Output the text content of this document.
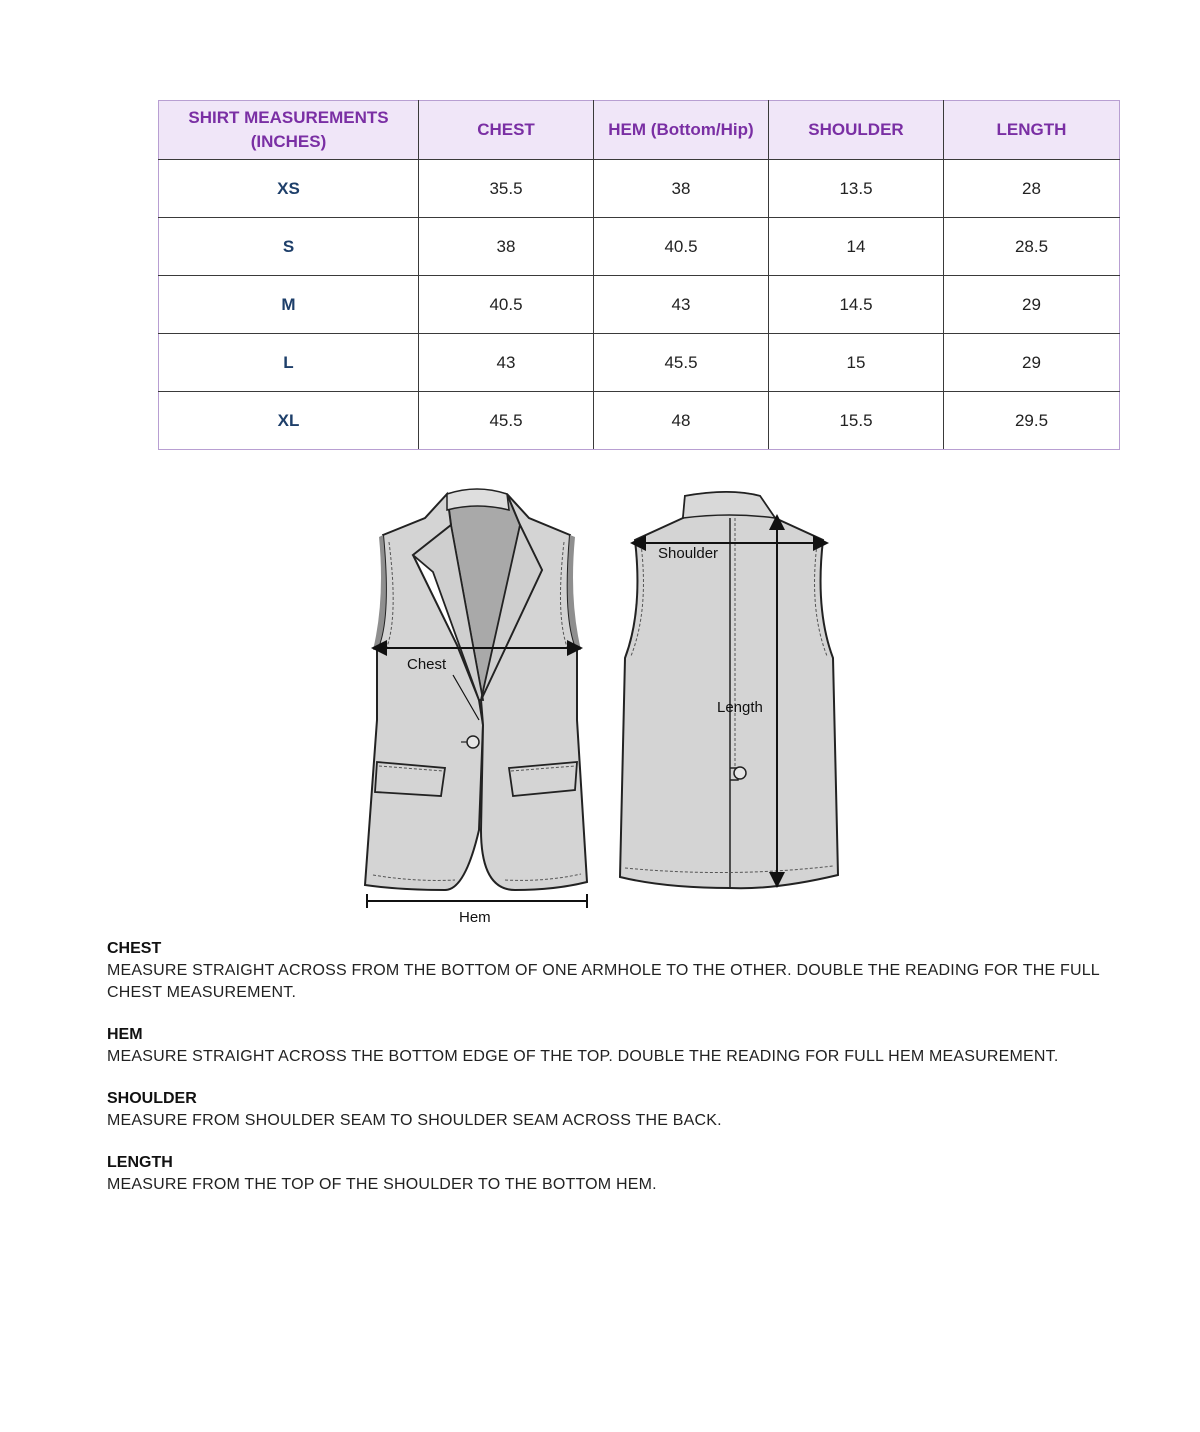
SHIRT MEASUREMENTS
(INCHES)	CHEST	HEM (Bottom/Hip)	SHOULDER	LENGTH
XS	35.5	38	13.5	28
S	38	40.5	14	28.5
M	40.5	43	14.5	29
L	43	45.5	15	29
XL	45.5	48	15.5	29.5
Chest
Hem
Shoulder
Length
CHEST
MEASURE STRAIGHT ACROSS FROM THE BOTTOM OF ONE ARMHOLE TO THE OTHER. DOUBLE THE READING FOR THE FULL CHEST MEASUREMENT.
HEM
MEASURE STRAIGHT ACROSS THE BOTTOM EDGE OF THE TOP. DOUBLE THE READING FOR FULL HEM MEASUREMENT.
SHOULDER
MEASURE FROM SHOULDER SEAM TO SHOULDER SEAM ACROSS THE BACK.
LENGTH
MEASURE FROM THE TOP OF THE SHOULDER TO THE BOTTOM HEM.
